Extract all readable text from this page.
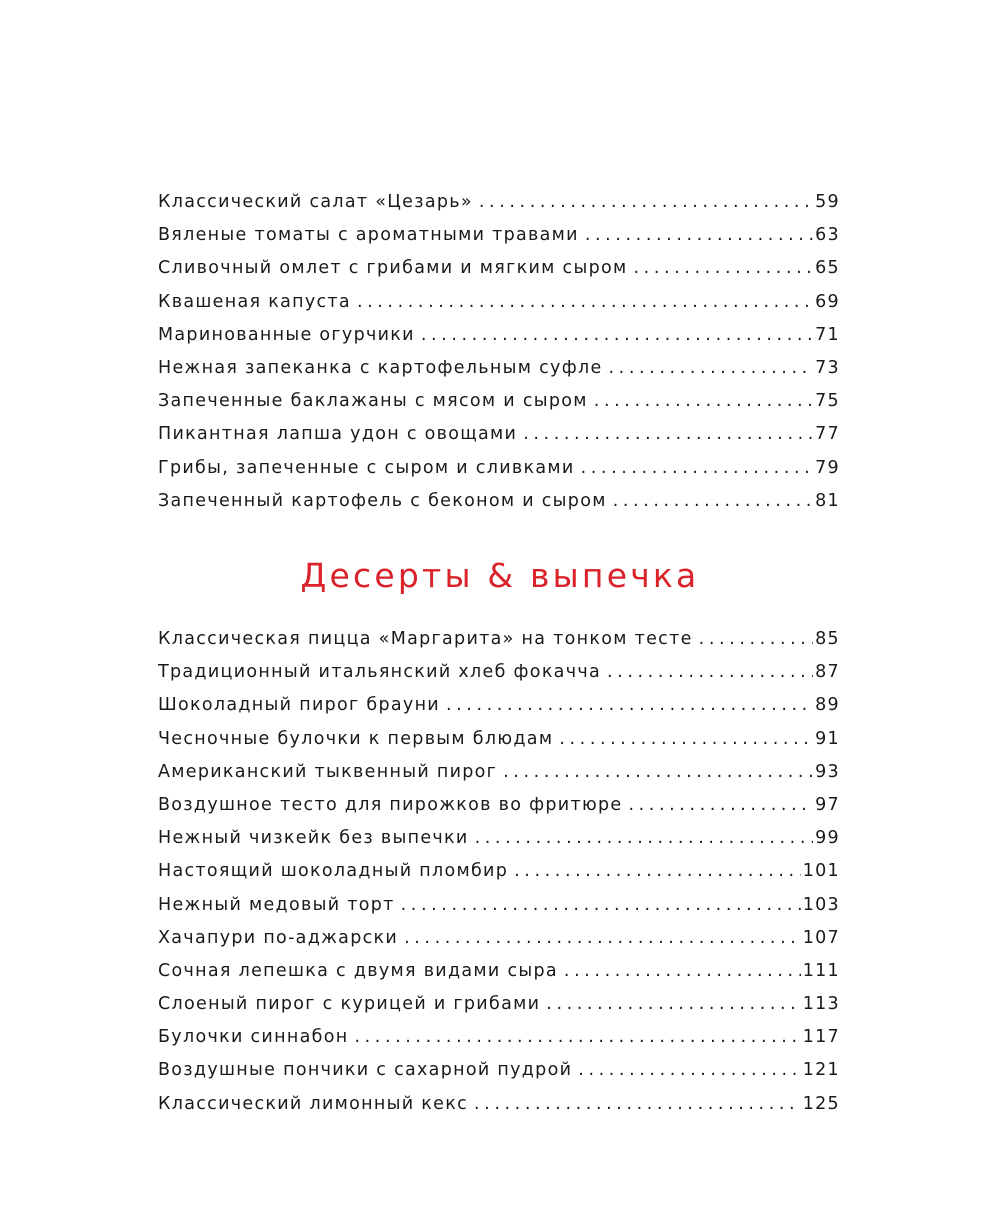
Классический салат «Цезарь» .....	59
Вяленые томаты с ароматными травами .....	63
Сливочный омлет с грибами и мягким сыром .....	65
Квашеная капуста .....	69
Маринованные огурчики .....	71
Нежная запеканка с картофельным суфле .....	73
Запеченные баклажаны с мясом и сыром .....	75
Пикантная лапша удон с овощами .....	77
Грибы, запеченные с сыром и сливками .....	79
Запеченный картофель с беконом и сыром .....	81
Десерты & выпечка
Классическая пицца «Маргарита» на тонком тесте .....	85
Традиционный итальянский хлеб фокачча .....	87
Шоколадный пирог брауни .....	89
Чесночные булочки к первым блюдам .....	91
Американский тыквенный пирог .....	93
Воздушное тесто для пирожков во фритюре .....	97
Нежный чизкейк без выпечки .....	99
Настоящий шоколадный пломбир .....	101
Нежный медовый торт .....	103
Хачапури по-аджарски .....	107
Сочная лепешка с двумя видами сыра .....	111
Слоеный пирог с курицей и грибами .....	113
Булочки синнабон .....	117
Воздушные пончики с сахарной пудрой .....	121
Классический лимонный кекс .....	125
